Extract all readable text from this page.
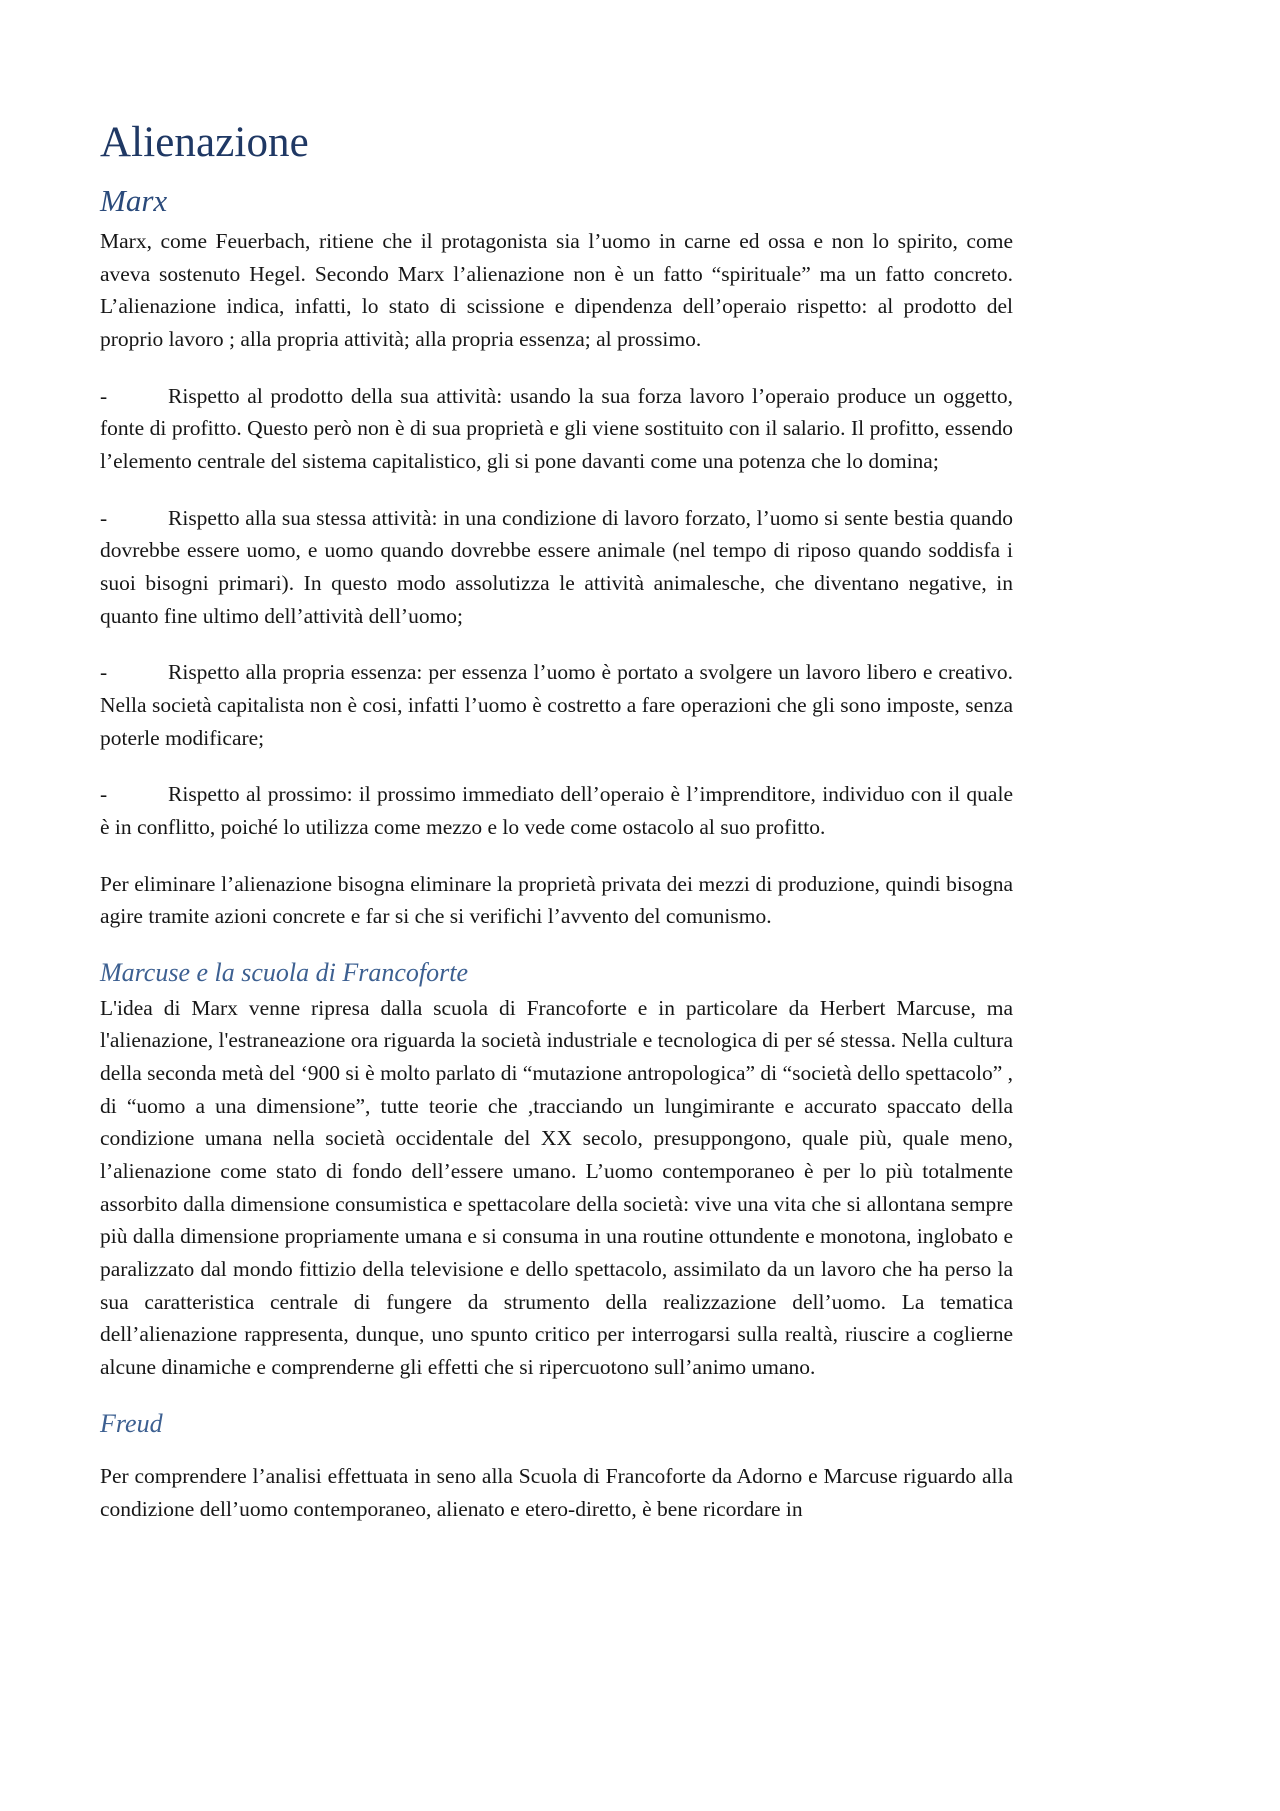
Alienazione
Marx

Marx, come Feuerbach, ritiene che il protagonista sia l’uomo in carne ed ossa e non lo spirito, come aveva sostenuto Hegel. Secondo Marx l’alienazione non è un fatto “spirituale” ma un fatto concreto. L’alienazione indica, infatti, lo stato di scissione e dipendenza dell’operaio rispetto: al prodotto del proprio lavoro ; alla propria attività; alla propria essenza; al prossimo.

-	Rispetto al prodotto della sua attività: usando la sua forza lavoro l’operaio produce un oggetto, fonte di profitto. Questo però non è di sua proprietà e gli viene sostituito con il salario. Il profitto, essendo l’elemento centrale del sistema capitalistico, gli si pone davanti come una potenza che lo domina;

-	Rispetto alla sua stessa attività: in una condizione di lavoro forzato, l’uomo si sente bestia quando dovrebbe essere uomo, e uomo quando dovrebbe essere animale (nel tempo di riposo quando soddisfa i suoi bisogni primari). In questo modo assolutizza le attività animalesche, che diventano negative, in quanto fine ultimo dell’attività dell’uomo;

-	Rispetto alla propria essenza: per essenza l’uomo è portato a svolgere un lavoro libero e creativo. Nella società capitalista non è cosi, infatti l’uomo è costretto a fare operazioni che gli sono imposte, senza poterle modificare;

-	Rispetto al prossimo: il prossimo immediato dell’operaio è l’imprenditore, individuo con il quale è in conflitto, poiché lo utilizza come mezzo e lo vede come ostacolo al suo profitto.

Per eliminare l’alienazione bisogna eliminare la proprietà privata dei mezzi di produzione, quindi bisogna agire tramite azioni concrete e far si che si verifichi l’avvento del comunismo.

Marcuse e la scuola di Francoforte

L'idea di Marx venne ripresa dalla scuola di Francoforte e in particolare da Herbert Marcuse, ma l'alienazione, l'estraneazione ora riguarda la società industriale e tecnologica di per sé stessa. Nella cultura della seconda metà del ‘900 si è molto parlato di “mutazione antropologica” di “società dello spettacolo” , di “uomo a una dimensione”, tutte teorie che ,tracciando un lungimirante e accurato spaccato della condizione umana nella società occidentale del XX secolo, presuppongono, quale più, quale meno, l’alienazione come stato di fondo dell’essere umano. L’uomo contemporaneo è per lo più totalmente assorbito dalla dimensione consumistica e spettacolare della società: vive una vita che si allontana sempre più dalla dimensione propriamente umana e si consuma in una routine ottundente e monotona, inglobato e paralizzato dal mondo fittizio della televisione e dello spettacolo, assimilato da un lavoro che ha perso la sua caratteristica centrale di fungere da strumento della realizzazione dell’uomo. La tematica dell’alienazione rappresenta, dunque, uno spunto critico per interrogarsi sulla realtà, riuscire a coglierne alcune dinamiche e comprenderne gli effetti che si ripercuotono sull’animo umano.

Freud

Per comprendere l’analisi effettuata in seno alla Scuola di Francoforte da Adorno e Marcuse riguardo alla condizione dell’uomo contemporaneo, alienato e etero-diretto, è bene ricordare in
